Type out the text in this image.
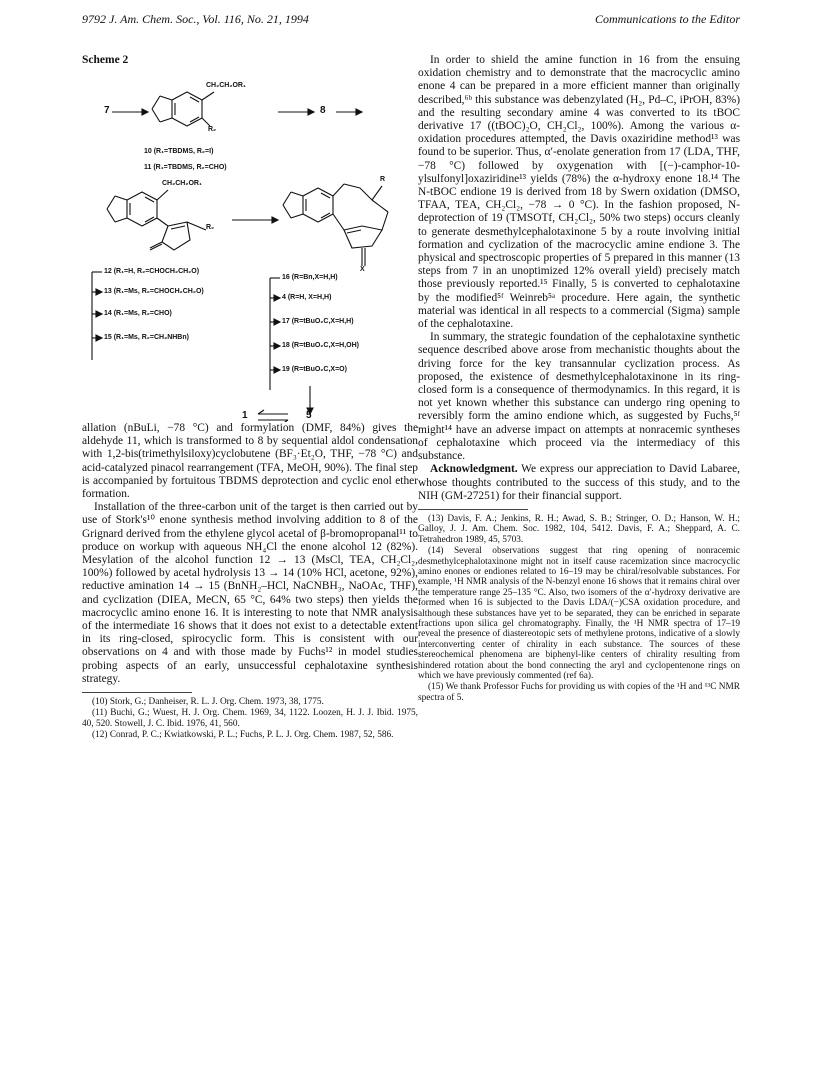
9792 J. Am. Chem. Soc., Vol. 116, No. 21, 1994	Communications to the Editor
Scheme 2
7	8
CH₂CH₂OR₁
R₂
10 (R₁=TBDMS, R₂=I)
11 (R₁=TBDMS, R₂=CHO)
CH₂CH₂OR₁
R₂
R
X
12 (R₁=H, R₂=CHOCH₂CH₂O)
13 (R₁=Ms, R₂=CHOCH₂CH₂O)
14 (R₁=Ms, R₂=CHO)
15 (R₁=Ms, R₂=CH₂NHBn)
16 (R=Bn,X=H,H)
4 (R=H, X=H,H)
17 (R=tBuO₂C,X=H,H)
18 (R=tBuO₂C,X=H,OH)
19 (R=tBuO₂C,X=O)
1	5

allation (nBuLi, −78 °C) and formylation (DMF, 84%) gives the aldehyde 11, which is transformed to 8 by sequential aldol condensation with 1,2-bis(trimethylsiloxy)cyclobutene (BF₃·Et₂O, THF, −78 °C) and acid-catalyzed pinacol rearrangement (TFA, MeOH, 90%). The final step is accompanied by fortuitous TBDMS deprotection and cyclic enol ether formation.

Installation of the three-carbon unit of the target is then carried out by use of Stork's¹⁰ enone synthesis method involving addition to 8 of the Grignard derived from the ethylene glycol acetal of β-bromopropanal¹¹ to produce on workup with aqueous NH₄Cl the enone alcohol 12 (82%). Mesylation of the alcohol function 12 → 13 (MsCl, TEA, CH₂Cl₂, 100%) followed by acetal hydrolysis 13 → 14 (10% HCl, acetone, 92%), reductive amination 14 → 15 (BnNH₂–HCl, NaCNBH₃, NaOAc, THF), and cyclization (DIEA, MeCN, 65 °C, 64% two steps) then yields the macrocyclic amino enone 16. It is interesting to note that NMR analysis of the intermediate 16 shows that it does not exist to a detectable extent in its ring-closed, spirocyclic form. This is consistent with our observations on 4 and with those made by Fuchs¹² in model studies probing aspects of an early, unsuccessful cephalotaxine synthesis strategy.

(10) Stork, G.; Danheiser, R. L. J. Org. Chem. 1973, 38, 1775.

(11) Buchi, G.; Wuest, H. J. Org. Chem. 1969, 34, 1122. Loozen, H. J. J. Ibid. 1975, 40, 520. Stowell, J. C. Ibid. 1976, 41, 560.

(12) Conrad, P. C.; Kwiatkowski, P. L.; Fuchs, P. L. J. Org. Chem. 1987, 52, 586.

In order to shield the amine function in 16 from the ensuing oxidation chemistry and to demonstrate that the macrocyclic amino enone 4 can be prepared in a more efficient manner than originally described,⁶ᵇ this substance was debenzylated (H₂, Pd–C, iPrOH, 83%) and the resulting secondary amine 4 was converted to its tBOC derivative 17 ((tBOC)₂O, CH₂Cl₂, 100%). Among the various α-oxidation procedures attempted, the Davis oxaziridine method¹³ was found to be superior. Thus, α′-enolate generation from 17 (LDA, THF, −78 °C) followed by oxygenation with [(−)-camphor-10-ylsulfonyl]oxaziridine¹³ yields (78%) the α-hydroxy enone 18.¹⁴ The N-tBOC endione 19 is derived from 18 by Swern oxidation (DMSO, TFAA, TEA, CH₂Cl₂, −78 → 0 °C). In the fashion proposed, N-deprotection of 19 (TMSOTf, CH₂Cl₂, 50% two steps) occurs cleanly to generate desmethylcephalotaxinone 5 by a route involving initial formation and cyclization of the macrocyclic amine endione 3. The physical and spectroscopic properties of 5 prepared in this manner (13 steps from 7 in an unoptimized 12% overall yield) precisely match those previously reported.¹⁵ Finally, 5 is converted to cephalotaxine by the modified⁵ᶠ Weinreb⁵ᵃ procedure. Here again, the synthetic material was identical in all respects to a commercial (Sigma) sample of the cephalotaxine.

In summary, the strategic foundation of the cephalotaxine synthetic sequence described above arose from mechanistic thoughts about the driving force for the key transannular cyclization process. As proposed, the existence of desmethylcephalotaxinone in its ring-closed form is a consequence of thermodynamics. In this regard, it is not yet known whether this substance can undergo ring opening to reversibly form the amino endione which, as suggested by Fuchs,⁵ᶠ might¹⁴ have an adverse impact on attempts at nonracemic syntheses of cephalotaxine which proceed via the intermediacy of this substance.

Acknowledgment. We express our appreciation to David Labaree, whose thoughts contributed to the success of this study, and to the NIH (GM-27251) for their financial support.

(13) Davis, F. A.; Jenkins, R. H.; Awad, S. B.; Stringer, O. D.; Hanson, W. H.; Galloy, J. J. Am. Chem. Soc. 1982, 104, 5412. Davis, F. A.; Sheppard, A. C. Tetrahedron 1989, 45, 5703.

(14) Several observations suggest that ring opening of nonracemic desmethylcephalotaxinone might not in itself cause racemization since macrocyclic amino enones or endiones related to 16–19 may be chiral/resolvable substances. For example, ¹H NMR analysis of the N-benzyl enone 16 shows that it remains chiral over the temperature range 25–135 °C. Also, two isomers of the α′-hydroxy derivative are formed when 16 is subjected to the Davis LDA/(−)CSA oxidation procedure, and although these substances have yet to be separated, they can be enriched in separate fractions upon silica gel chromatography. Finally, the ¹H NMR spectra of 17–19 reveal the presence of diastereotopic sets of methylene protons, indicative of a slowly interconverting center of chirality in each substance. The sources of these stereochemical phenomena are biphenyl-like centers of chirality resulting from hindered rotation about the bond connecting the aryl and cyclopentenone rings on which we have previously commented (ref 6a).

(15) We thank Professor Fuchs for providing us with copies of the ¹H and ¹³C NMR spectra of 5.
